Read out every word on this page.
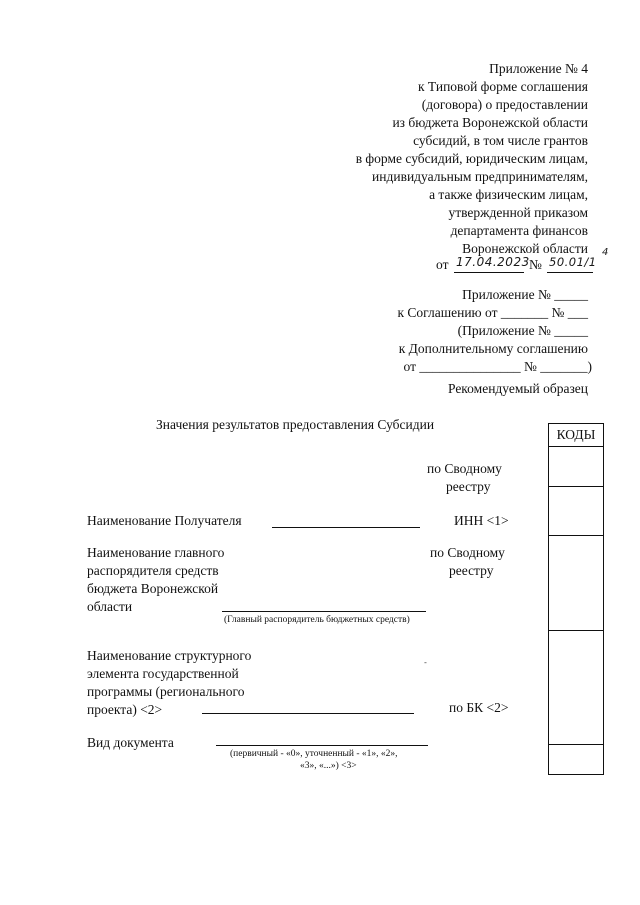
Приложение № 4
к Типовой форме соглашения
(договора) о предоставлении
из бюджета Воронежской области
субсидий, в том числе грантов
в форме субсидий, юридическим лицам,
индивидуальным предпринимателям,
а также физическим лицам,
утвержденной приказом
департамента финансов
Воронежской области
от 17.04.2023 № 50.01/1
4
Приложение № _____
к Соглашению от _______ № ___
(Приложение № _____
к Дополнительному соглашению
от _______________ № _______)
Рекомендуемый образец
Значения результатов предоставления Субсидии
КОДЫ
по Сводному
реестру
Наименование Получателя	ИНН <1>
Наименование главного
распорядителя средств
бюджета Воронежской
области
по Сводному
реестру
(Главный распорядитель бюджетных средств)
Наименование структурного
элемента государственной
программы (регионального
проекта) <2>	по БК <2>
-
Вид документа
(первичный - «0», уточненный - «1», «2»,
«3», «...») <3>
